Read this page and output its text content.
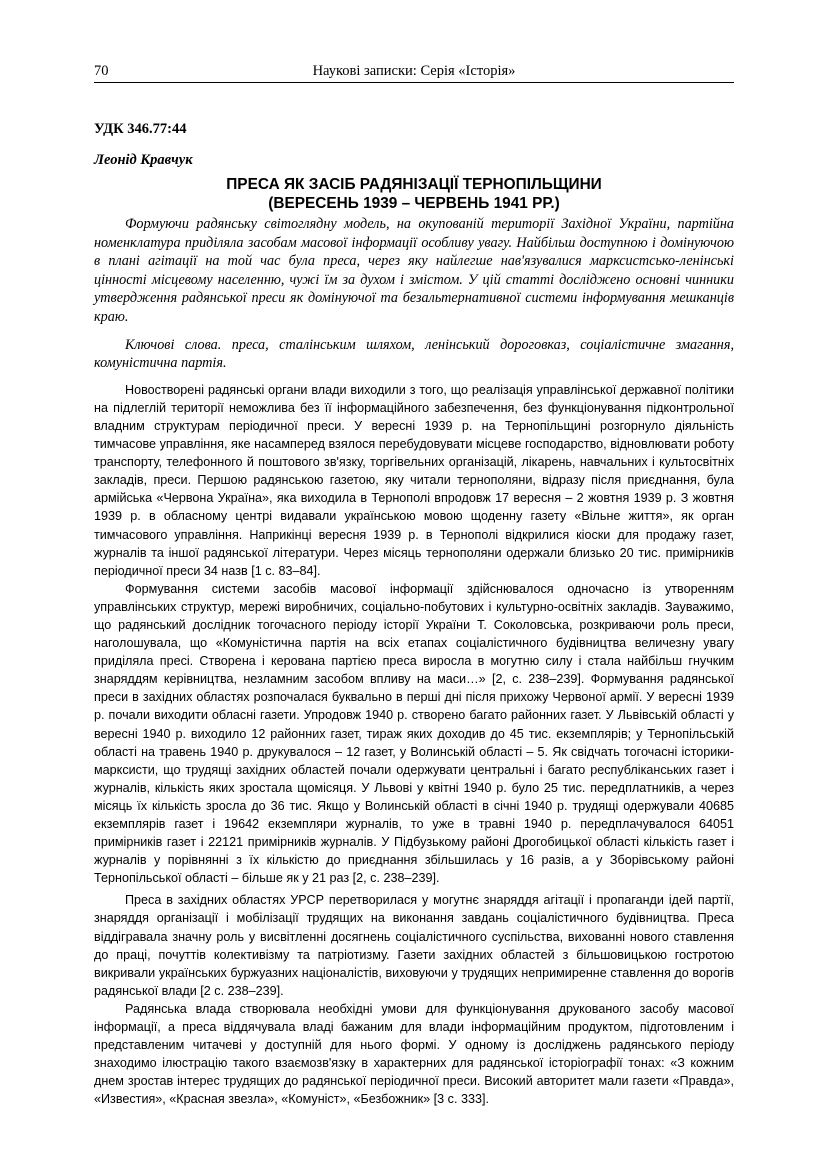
70	Наукові записки: Серія «Історія»
УДК 346.77:44
Леонід Кравчук
ПРЕСА ЯК ЗАСІБ РАДЯНІЗАЦІЇ ТЕРНОПІЛЬЩИНИ
(ВЕРЕСЕНЬ 1939 – ЧЕРВЕНЬ 1941 РР.)
Формуючи радянську світоглядну модель, на окупованій території Західної України, партійна номенклатура приділяла засобам масової інформації особливу увагу. Найбільш доступною і домінуючою в плані агітації на той час була преса, через яку найлегше нав'язувалися марксистсько-ленінські цінності місцевому населенню, чужі їм за духом і змістом. У цій статті досліджено основні чинники утвердження радянської преси як домінуючої та безальтернативної системи інформування мешканців краю.
Ключові слова. преса, сталінським шляхом, ленінський дороговказ, соціалістичне змагання, комуністична партія.

Новостворені радянські органи влади виходили з того, що реалізація управлінської державної політики на підлеглій території неможлива без її інформаційного забезпечення, без функціонування підконтрольної владним структурам періодичної преси. У вересні 1939 р. на Тернопільщині розгорнуло діяльність тимчасове управління, яке насамперед взялося перебудовувати місцеве господарство, відновлювати роботу транспорту, телефонного й поштового зв'язку, торгівельних організацій, лікарень, навчальних і культосвітніх закладів, преси. Першою радянською газетою, яку читали тернополяни, відразу після приєднання, була армійська «Червона Україна», яка виходила в Тернополі впродовж 17 вересня – 2 жовтня 1939 р. З жовтня 1939 р. в обласному центрі видавали українською мовою щоденну газету «Вільне життя», як орган тимчасового управління. Наприкінці вересня 1939 р. в Тернополі відкрилися кіоски для продажу газет, журналів та іншої радянської літератури. Через місяць тернополяни одержали близько 20 тис. примірників періодичної преси 34 назв [1 с. 83–84].

Формування системи засобів масової інформації здійснювалося одночасно із утворенням управлінських структур, мережі виробничих, соціально-побутових і культурно-освітніх закладів. Зауважимо, що радянський дослідник тогочасного періоду історії України Т. Соколовська, розкриваючи роль преси, наголошувала, що «Комуністична партія на всіх етапах соціалістичного будівництва величезну увагу приділяла пресі. Створена і керована партією преса виросла в могутню силу і стала найбільш гнучким знаряддям керівництва, незламним засобом впливу на маси…» [2, с. 238–239]. Формування радянської преси в західних областях розпочалася буквально в перші дні після прихожу Червоної армії. У вересні 1939 р. почали виходити обласні газети. Упродовж 1940 р. створено багато районних газет. У Львівській області у вересні 1940 р. виходило 12 районних газет, тираж яких доходив до 45 тис. екземплярів; у Тернопільській області на травень 1940 р. друкувалося – 12 газет, у Волинській області – 5. Як свідчать тогочасні історики-марксисти, що трудящі західних областей почали одержувати центральні і багато республіканських газет і журналів, кількість яких зростала щомісяця. У Львові у квітні 1940 р. було 25 тис. передплатників, а через місяць їх кількість зросла до 36 тис. Якщо у Волинській області в січні 1940 р. трудящі одержували 40685 екземплярів газет і 19642 екземпляри журналів, то уже в травні 1940 р. передплачувалося 64051 примірників газет і 22121 примірників журналів. У Підбузькому районі Дрогобицької області кількість газет і журналів у порівнянні з їх кількістю до приєднання збільшилась у 16 разів, а у Зборівському районі Тернопільської області – більше як у 21 раз [2, с. 238–239].

Преса в західних областях УРСР перетворилася у могутнє знаряддя агітації і пропаганди ідей партії, знаряддя організації і мобілізації трудящих на виконання завдань соціалістичного будівництва. Преса віддігравала значну роль у висвітленні досягнень соціалістичного суспільства, вихованні нового ставлення до праці, почуттів колективізму та патріотизму. Газети західних областей з більшовицькою гостротою викривали українських буржуазних націоналістів, виховуючи у трудящих непримиренне ставлення до ворогів радянської влади [2 с. 238–239].

Радянська влада створювала необхідні умови для функціонування друкованого засобу масової інформації, а преса віддячувала владі бажаним для влади інформаційним продуктом, підготовленим і представленим читачеві у доступній для нього формі. У одному із досліджень радянського періоду знаходимо ілюстрацію такого взаємозв'язку в характерних для радянської історіографії тонах: «З кожним днем зростав інтерес трудящих до радянської періодичної преси. Високий авторитет мали газети «Правда», «Известия», «Красная звезла», «Комуніст», «Безбожник» [3 с. 333].
